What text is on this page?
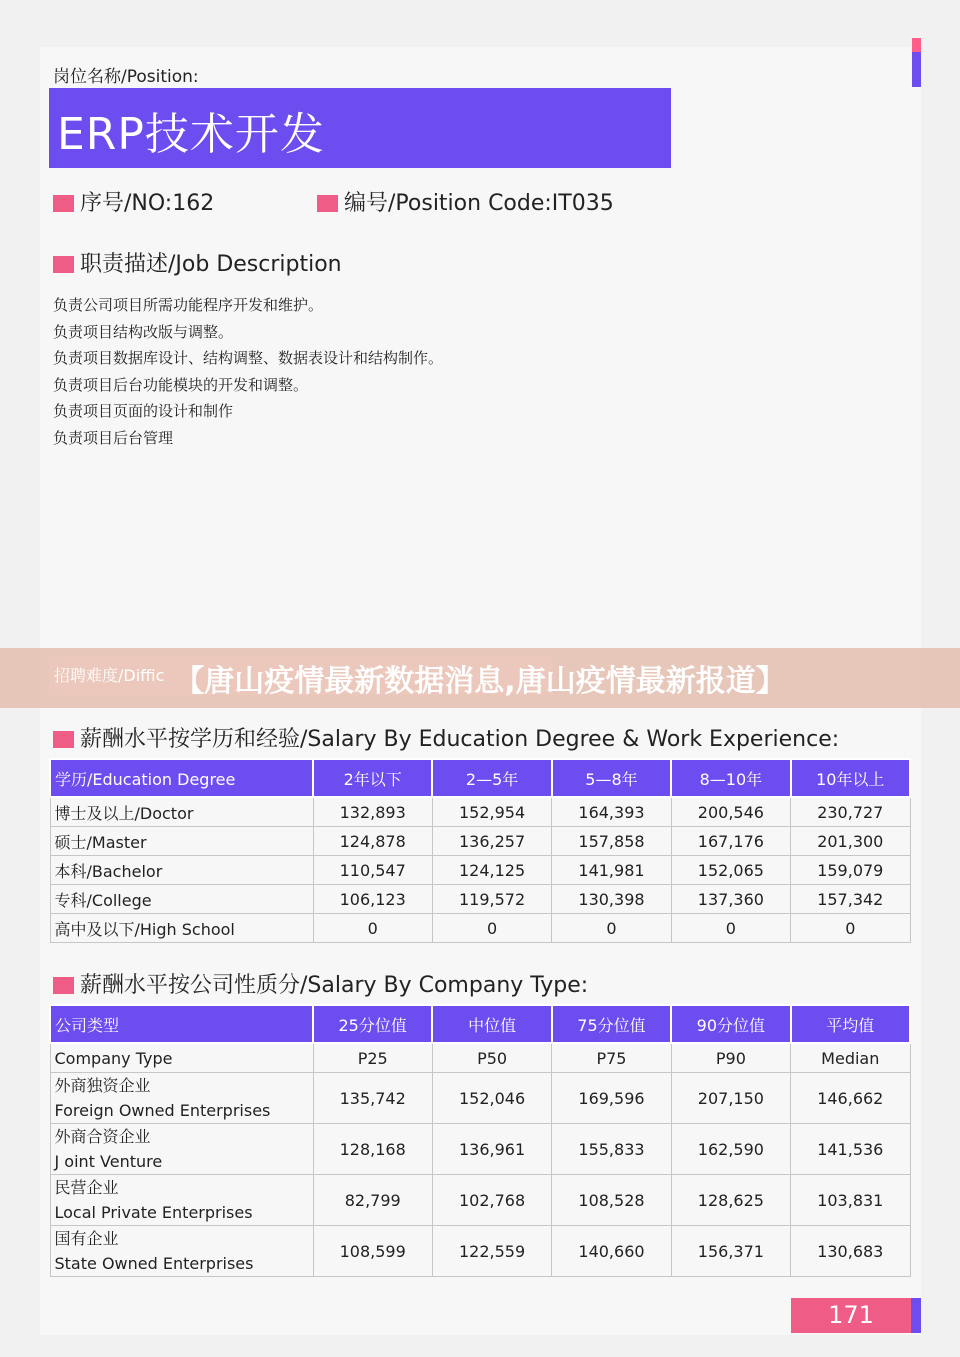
岗位名称/Position:
ERP技术开发
序号/NO:162	编号/Position Code:IT035
职责描述/Job Description
负责公司项目所需功能程序开发和维护。
负责项目结构改版与调整。
负责项目数据库设计、结构调整、数据表设计和结构制作。
负责项目后台功能模块的开发和调整。
负责项目页面的设计和制作
负责项目后台管理
招聘难度/Diffic 【唐山疫情最新数据消息,唐山疫情最新报道】
薪酬水平按学历和经验/Salary By Education Degree & Work Experience:
学历/Education Degree	2年以下	2—5年	5—8年	8—10年	10年以上
博士及以上/Doctor	132,893	152,954	164,393	200,546	230,727
硕士/Master	124,878	136,257	157,858	167,176	201,300
本科/Bachelor	110,547	124,125	141,981	152,065	159,079
专科/College	106,123	119,572	130,398	137,360	157,342
高中及以下/High School	0	0	0	0	0
薪酬水平按公司性质分/Salary By Company Type:
公司类型	25分位值	中位值	75分位值	90分位值	平均值
Company Type	P25	P50	P75	P90	Median

外商独资企业
Foreign Owned Enterprises	135,742	152,046	169,596	207,150	146,662

外商合资企业
J oint Venture	128,168	136,961	155,833	162,590	141,536

民营企业
Local Private Enterprises	82,799	102,768	108,528	128,625	103,831

国有企业
State Owned Enterprises	108,599	122,559	140,660	156,371	130,683
171
